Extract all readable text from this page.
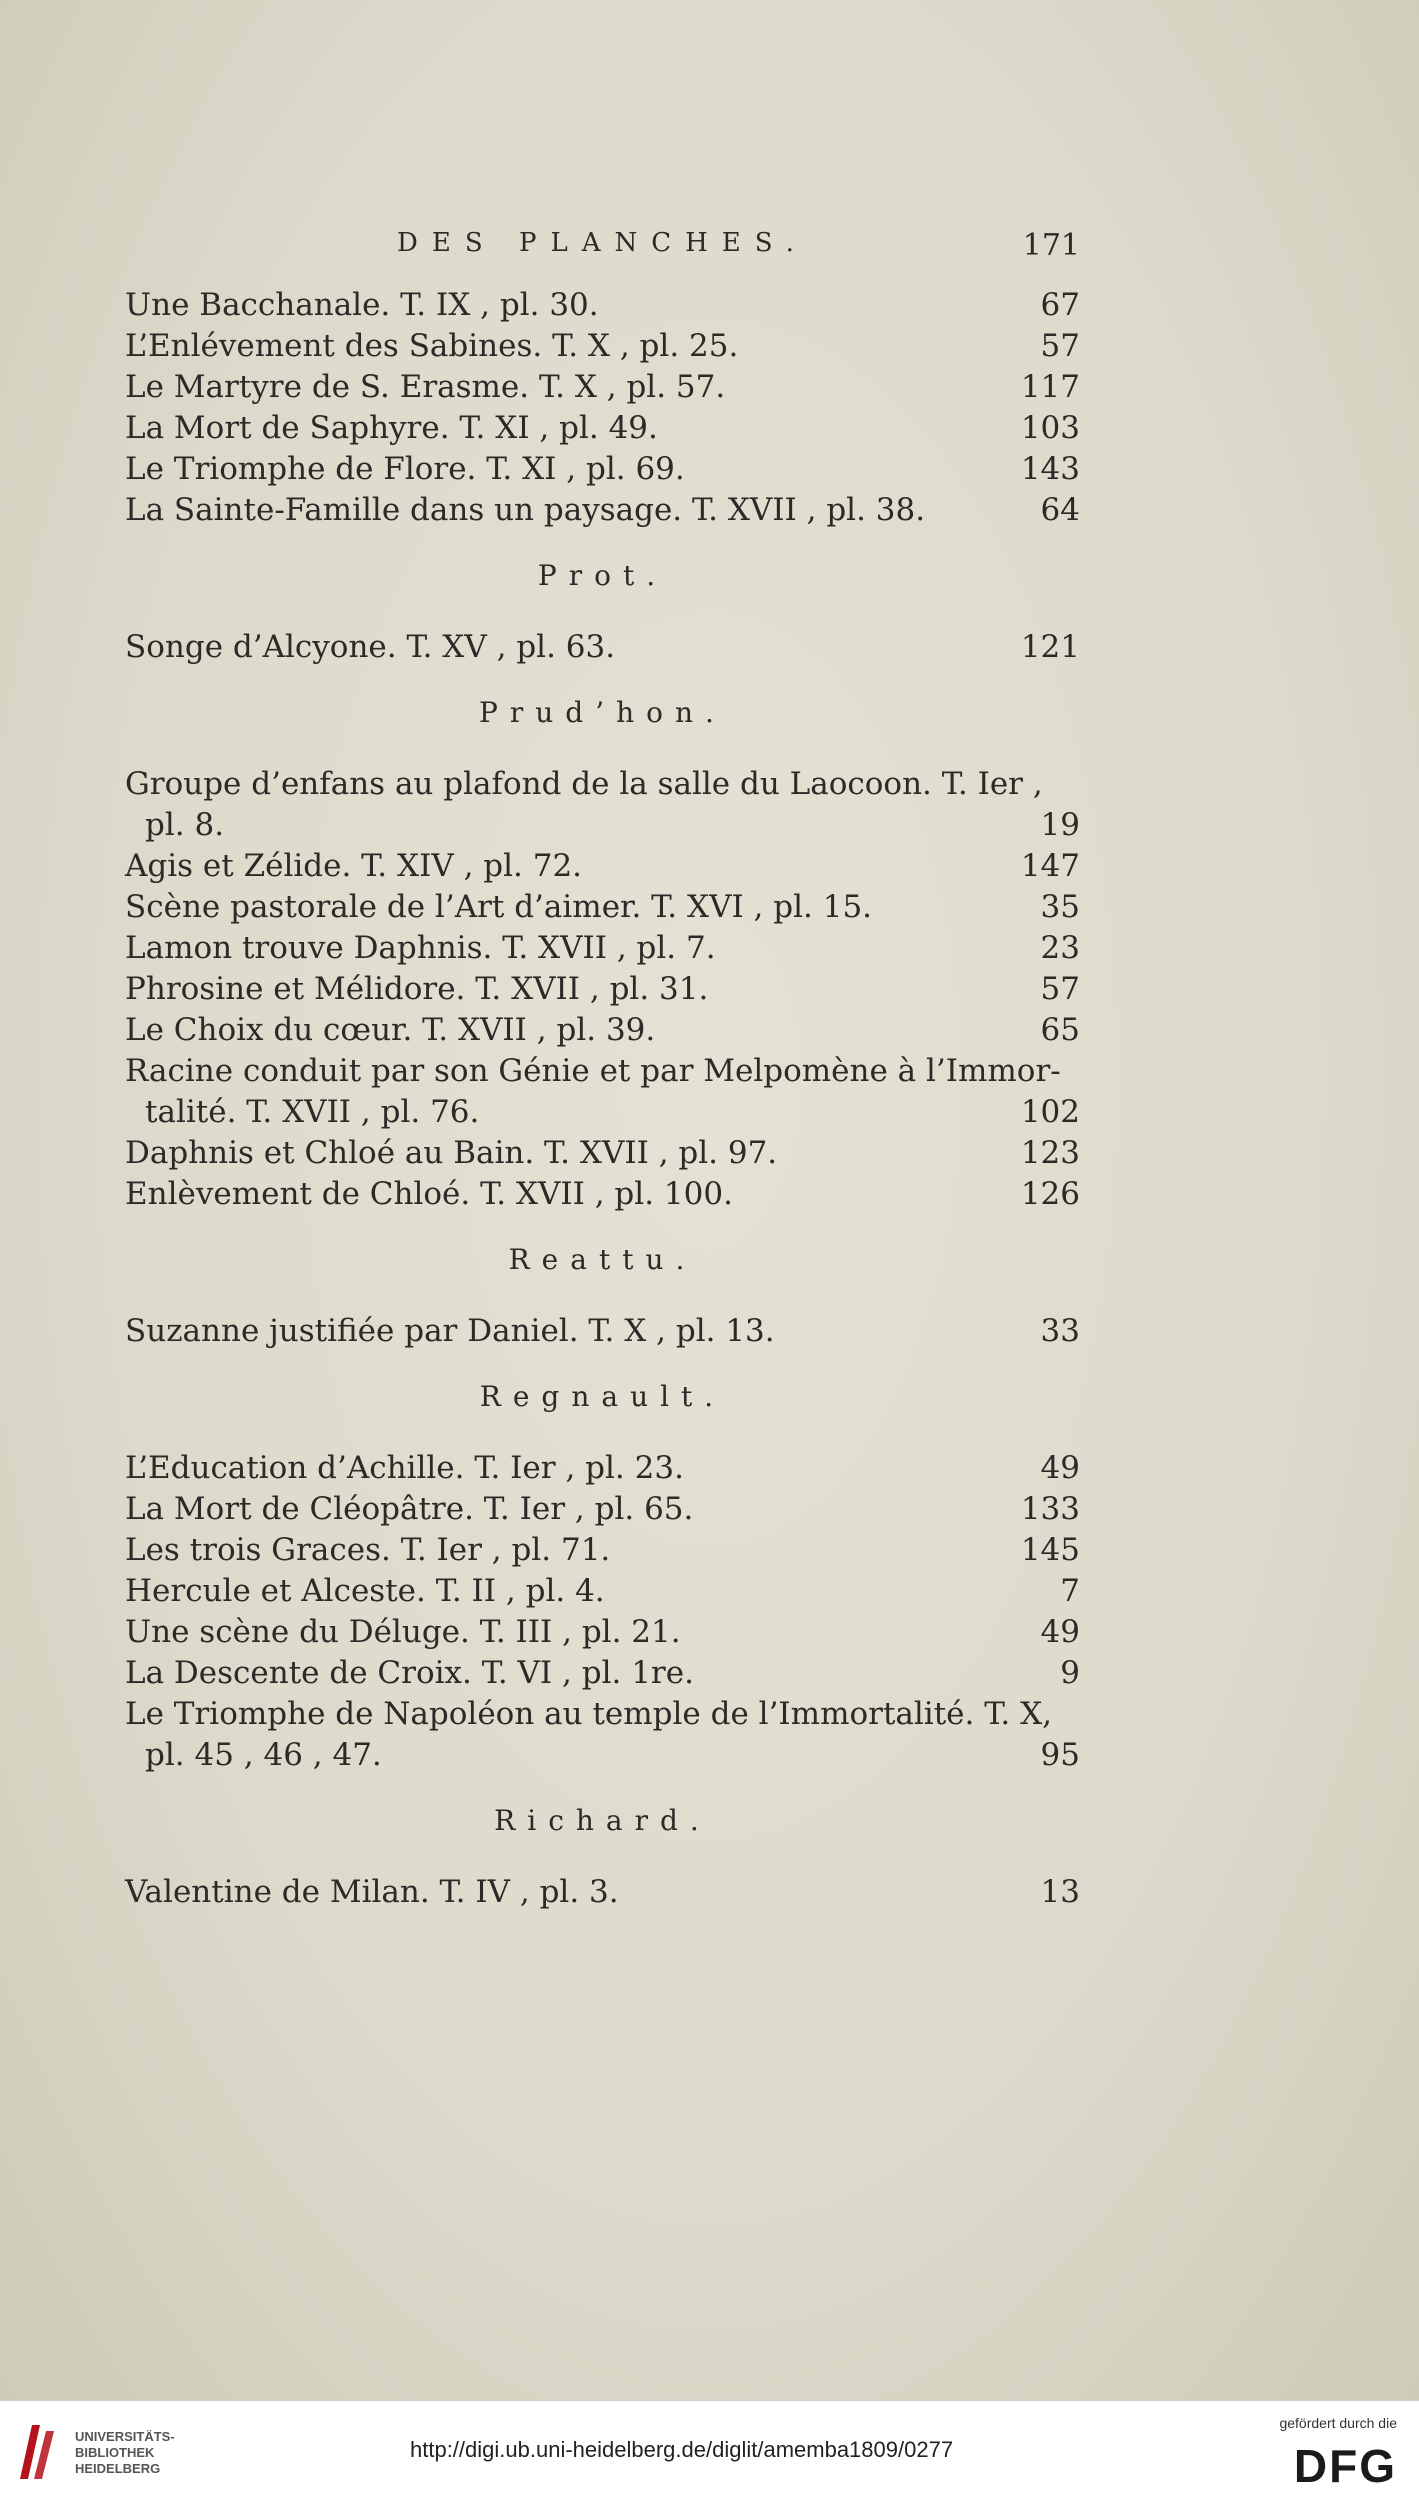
DES PLANCHES.	171
Une Bacchanale. T. IX , pl. 30.	67
L’Enlévement des Sabines. T. X , pl. 25.	57
Le Martyre de S. Erasme. T. X , pl. 57.	117
La Mort de Saphyre. T. XI , pl. 49.	103
Le Triomphe de Flore. T. XI , pl. 69.	143
La Sainte-Famille dans un paysage. T. XVII , pl. 38.	64
Prot.
Songe d’Alcyone. T. XV , pl. 63.	121
Prud’hon.
Groupe d’enfans au plafond de la salle du Laocoon. T. Ier ,
pl. 8.	19
Agis et Zélide. T. XIV , pl. 72.	147
Scène pastorale de l’Art d’aimer. T. XVI , pl. 15.	35
Lamon trouve Daphnis. T. XVII , pl. 7.	23
Phrosine et Mélidore. T. XVII , pl. 31.	57
Le Choix du cœur. T. XVII , pl. 39.	65
Racine conduit par son Génie et par Melpomène à l’Immor-
talité. T. XVII , pl. 76.	102
Daphnis et Chloé au Bain. T. XVII , pl. 97.	123
Enlèvement de Chloé. T. XVII , pl. 100.	126
Reattu.
Suzanne justifiée par Daniel. T. X , pl. 13.	33
Regnault.
L’Education d’Achille. T. Ier , pl. 23.	49
La Mort de Cléopâtre. T. Ier , pl. 65.	133
Les trois Graces. T. Ier , pl. 71.	145
Hercule et Alceste. T. II , pl. 4.	7
Une scène du Déluge. T. III , pl. 21.	49
La Descente de Croix. T. VI , pl. 1re.	9
Le Triomphe de Napoléon au temple de l’Immortalité. T. X,
pl. 45 , 46 , 47.	95
Richard.
Valentine de Milan. T. IV , pl. 3.	13
UNIVERSITÄTS-
BIBLIOTHEK
HEIDELBERG
http://digi.ub.uni-heidelberg.de/diglit/amemba1809/0277
gefördert durch die
DFG
